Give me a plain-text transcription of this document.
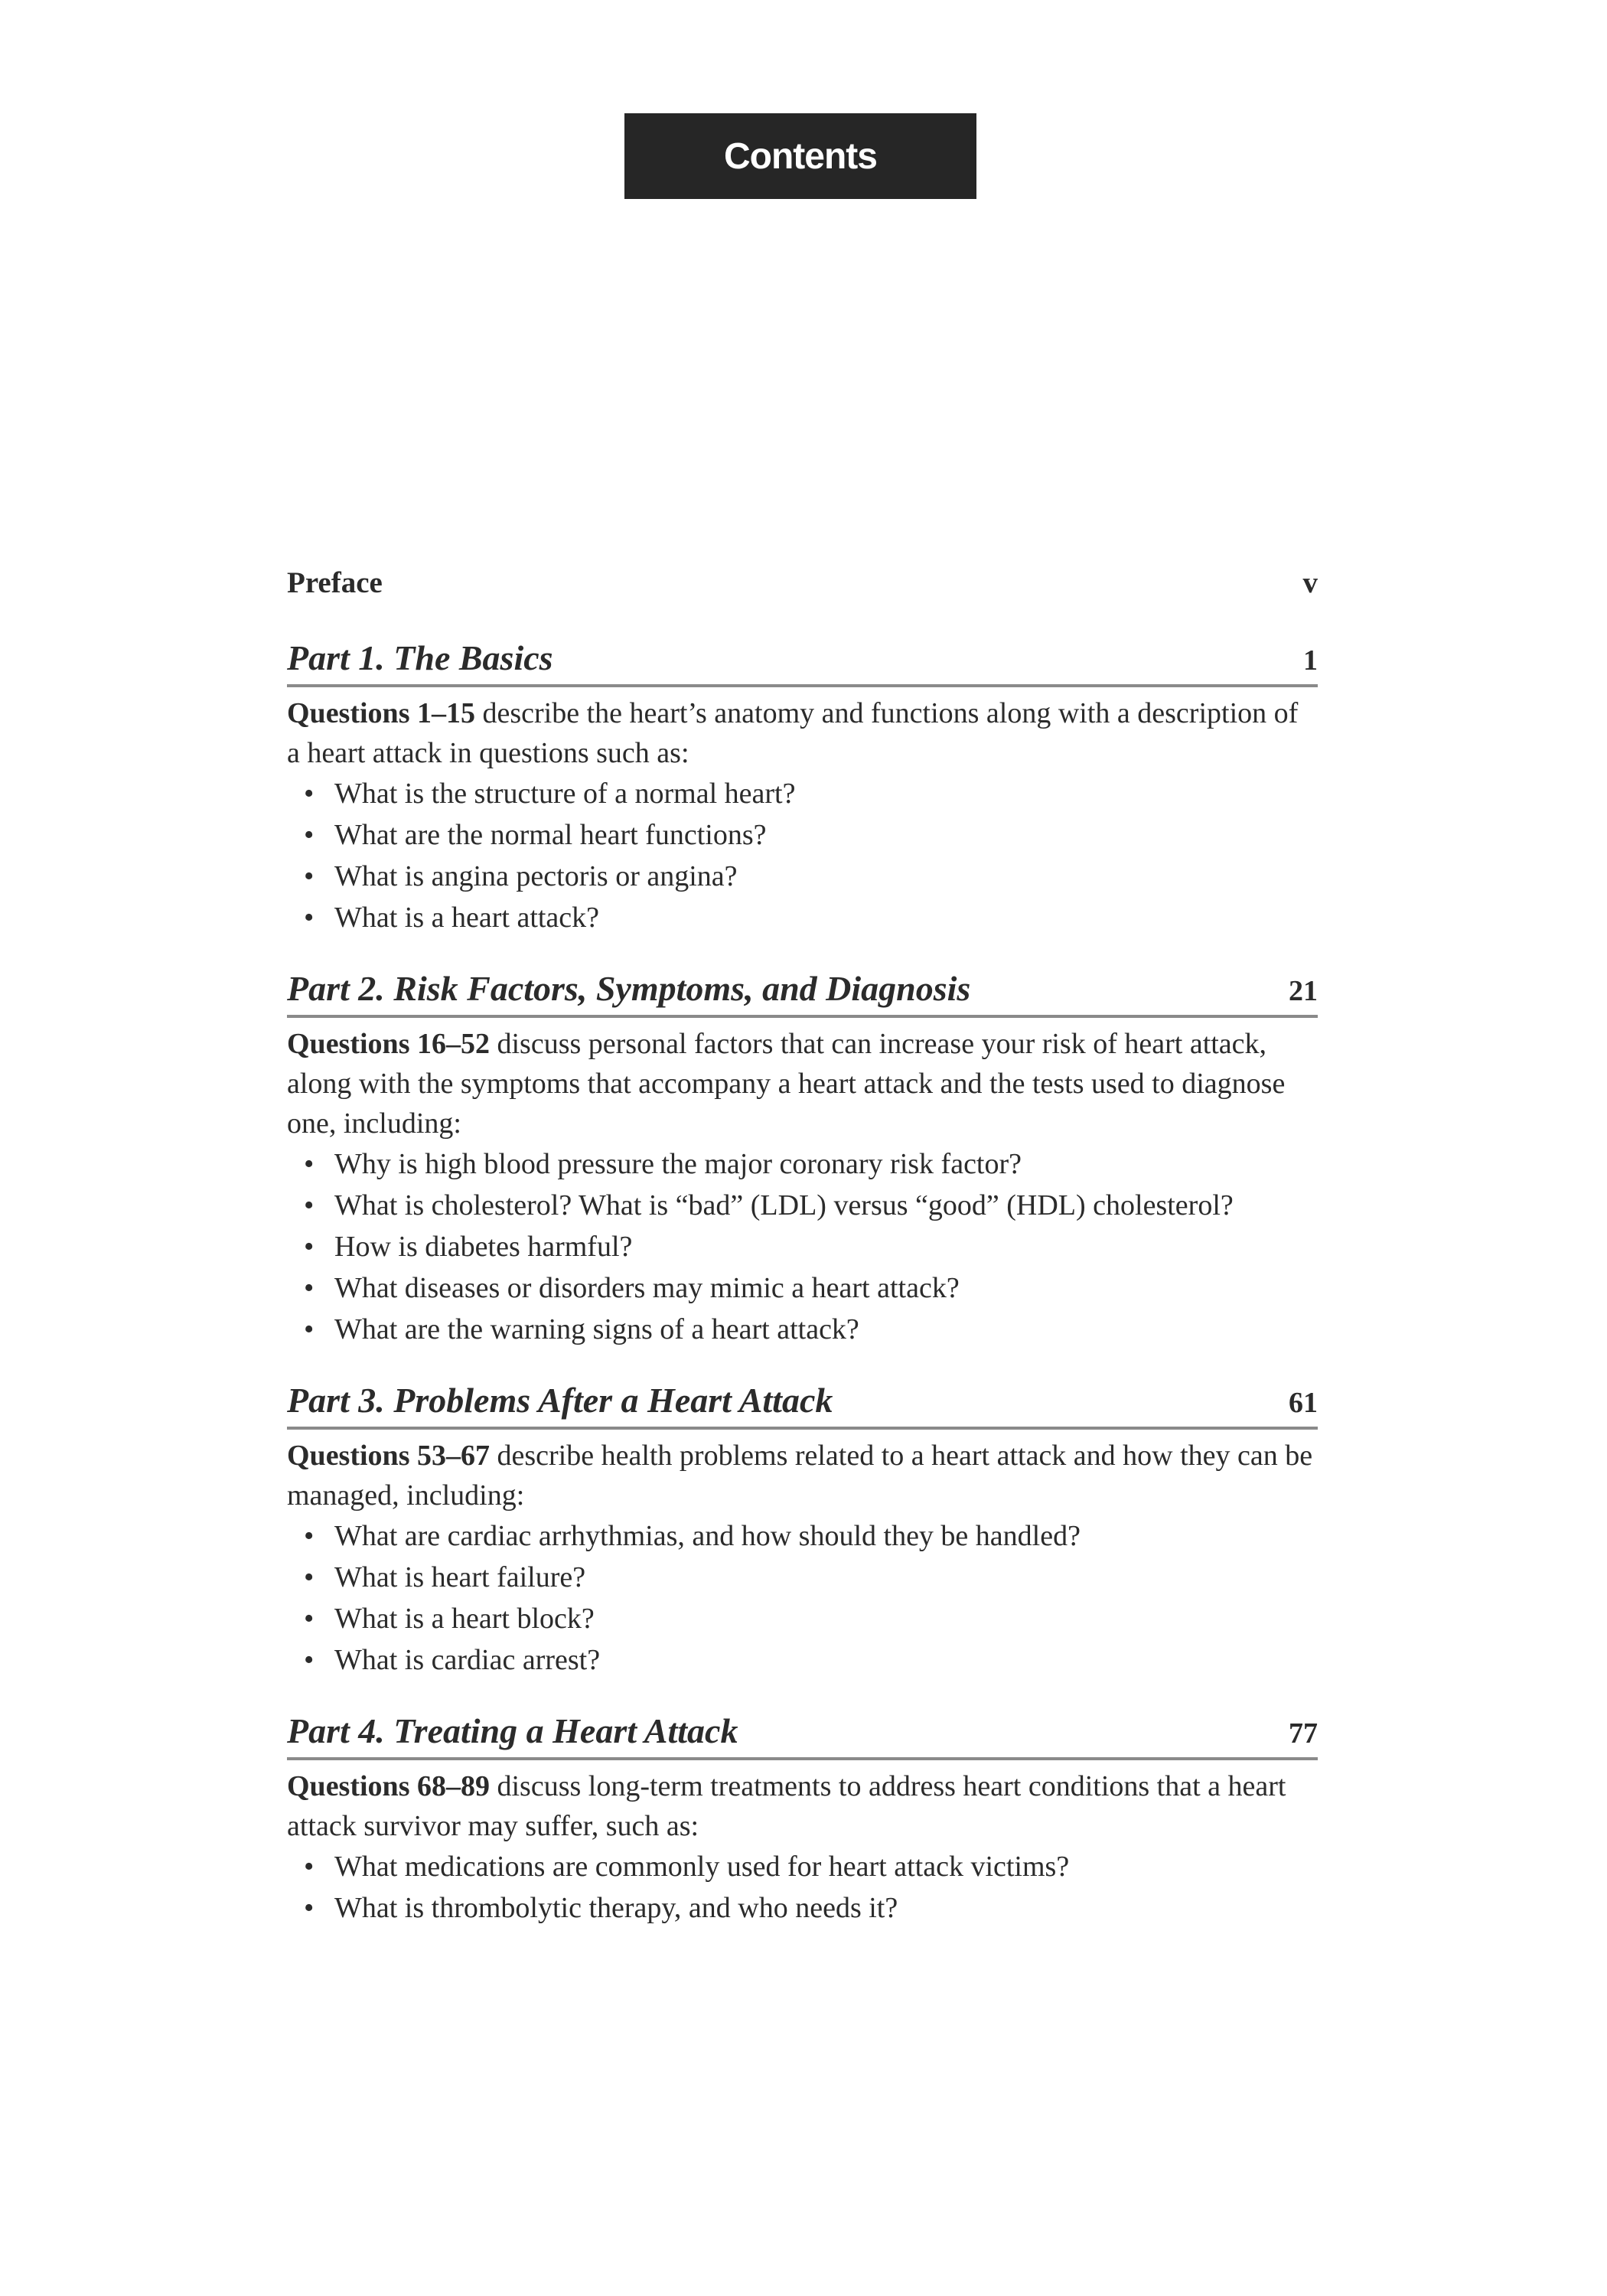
Contents
Preface	v
Part 1. The Basics	1
Questions 1–15 describe the heart’s anatomy and functions along with a description of a heart attack in questions such as:
• What is the structure of a normal heart?
• What are the normal heart functions?
• What is angina pectoris or angina?
• What is a heart attack?
Part 2. Risk Factors, Symptoms, and Diagnosis	21
Questions 16–52 discuss personal factors that can increase your risk of heart attack, along with the symptoms that accompany a heart attack and the tests used to diagnose one, including:
• Why is high blood pressure the major coronary risk factor?
• What is cholesterol? What is “bad” (LDL) versus “good” (HDL) cholesterol?
• How is diabetes harmful?
• What diseases or disorders may mimic a heart attack?
• What are the warning signs of a heart attack?
Part 3. Problems After a Heart Attack	61
Questions 53–67 describe health problems related to a heart attack and how they can be managed, including:
• What are cardiac arrhythmias, and how should they be handled?
• What is heart failure?
• What is a heart block?
• What is cardiac arrest?
Part 4. Treating a Heart Attack	77
Questions 68–89 discuss long-term treatments to address heart conditions that a heart attack survivor may suffer, such as:
• What medications are commonly used for heart attack victims?
• What is thrombolytic therapy, and who needs it?
